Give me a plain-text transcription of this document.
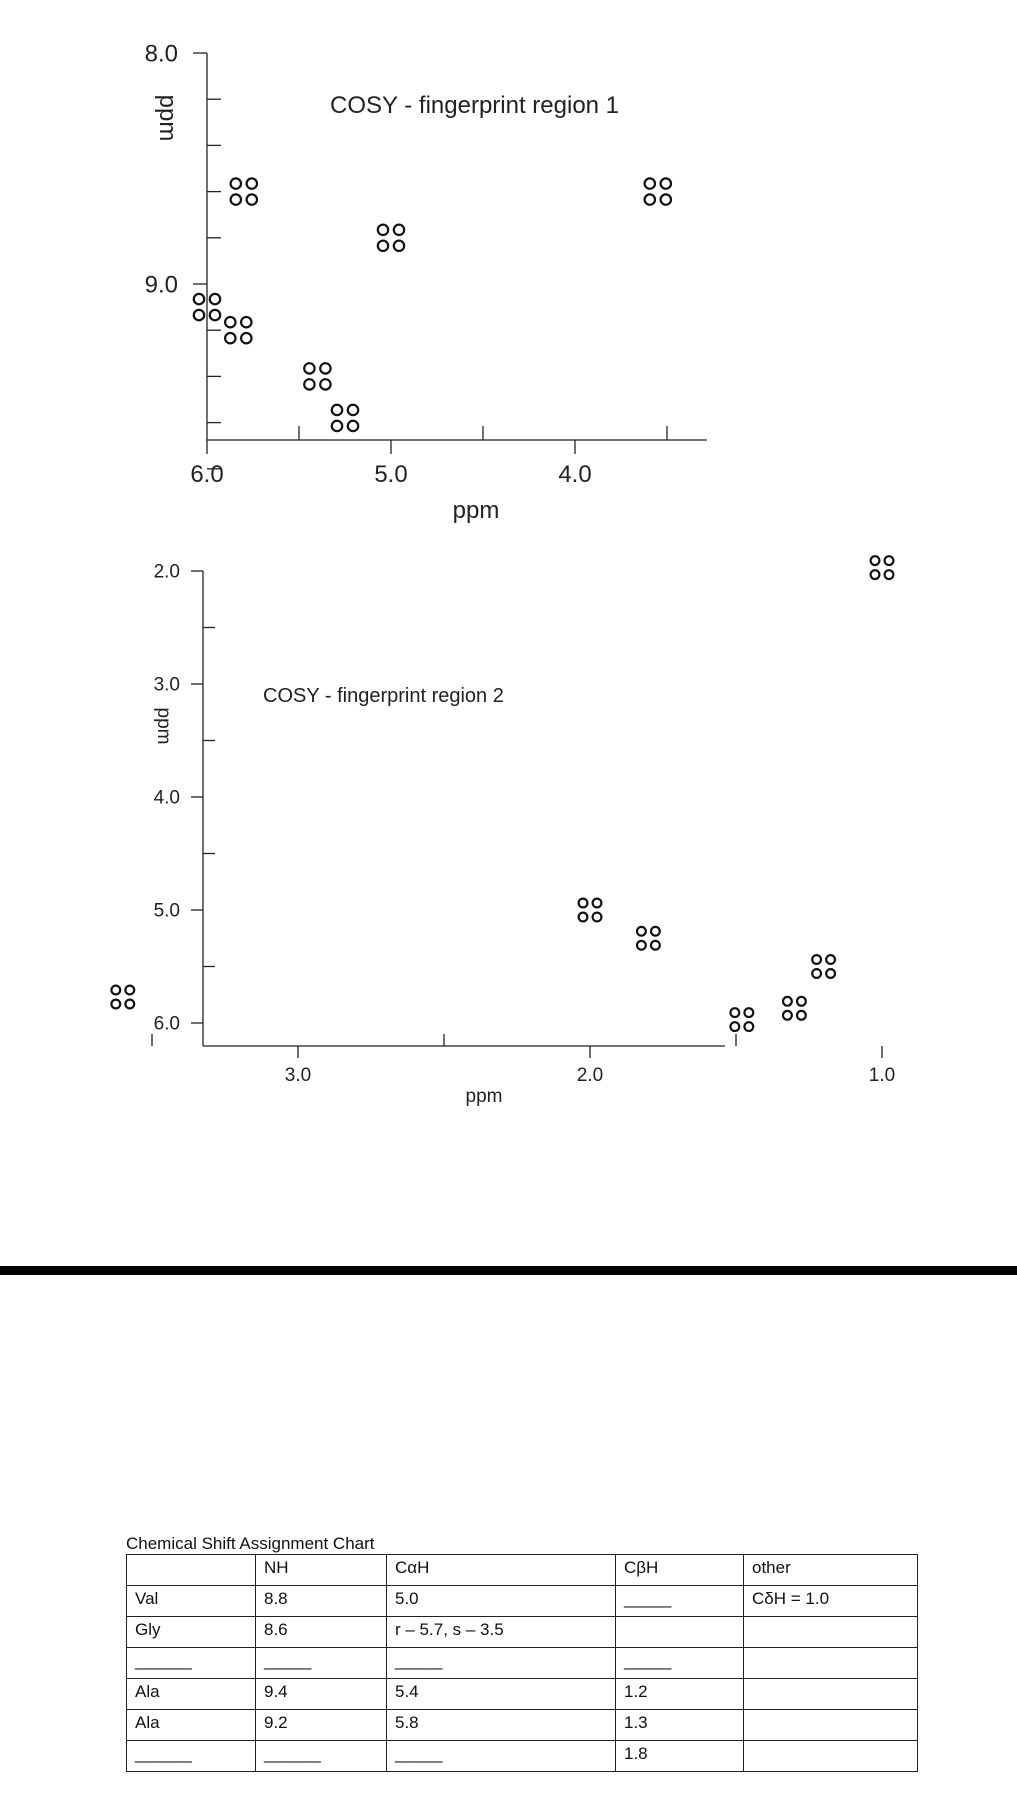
8.0
9.0
6.0	5.0	4.0
COSY - fingerprint region 1
ppm
ppm
2.0
3.0
4.0
5.0
6.0
3.0	2.0	1.0
COSY - fingerprint region 2
ppm
ppm
Chemical Shift Assignment Chart
	NH	CαH	CβH	other
Val	8.8	5.0	_____	CδH = 1.0
Gly	8.6	r – 5.7, s – 3.5		
______	_____	_____	_____	
Ala	9.4	5.4	1.2	
Ala	9.2	5.8	1.3	
______	______	_____	1.8	
